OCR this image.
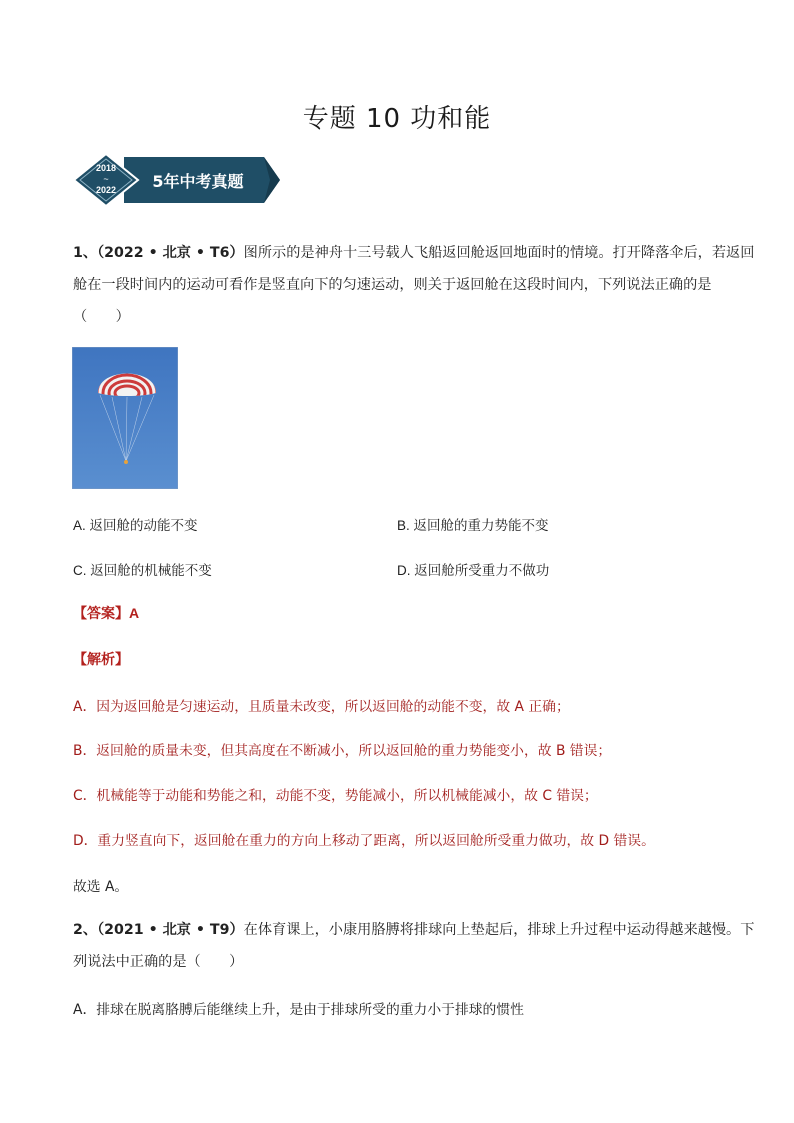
专题 10 功和能
2018
~
2022 5年中考真题
1、（2022 • 北京 • T6）图所示的是神舟十三号载人飞船返回舱返回地面时的情境。打开降落伞后，若返回
舱在一段时间内的运动可看作是竖直向下的匀速运动，则关于返回舱在这段时间内，下列说法正确的是
（　　）
A. 返回舱的动能不变	B. 返回舱的重力势能不变
C. 返回舱的机械能不变	D. 返回舱所受重力不做功
【答案】A
【解析】
A．因为返回舱是匀速运动，且质量未改变，所以返回舱的动能不变，故 A 正确；
B．返回舱的质量未变，但其高度在不断减小，所以返回舱的重力势能变小，故 B 错误；
C．机械能等于动能和势能之和，动能不变，势能减小，所以机械能减小，故 C 错误；
D．重力竖直向下，返回舱在重力的方向上移动了距离，所以返回舱所受重力做功，故 D 错误。
故选 A。
2、（2021 • 北京 • T9）在体育课上，小康用胳膊将排球向上垫起后，排球上升过程中运动得越来越慢。下
列说法中正确的是（　　）
A．排球在脱离胳膊后能继续上升，是由于排球所受的重力小于排球的惯性
